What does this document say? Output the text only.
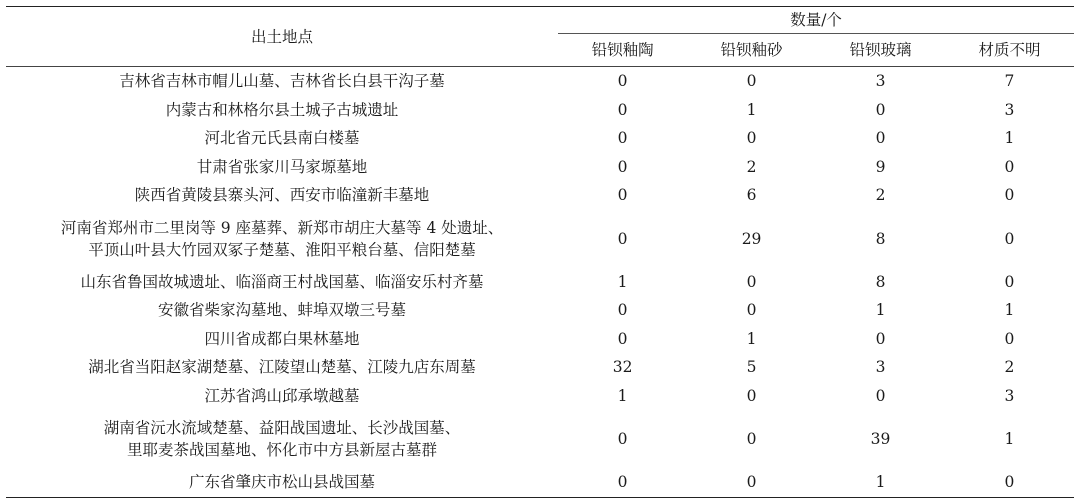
出土地点	数量/个			
	铅钡釉陶	铅钡釉砂	铅钡玻璃	材质不明

吉林省吉林市帽儿山墓、吉林省长白县干沟子墓	0	0	3	7

内蒙古和林格尔县土城子古城遗址	0	1	0	3

河北省元氏县南白楼墓	0	0	0	1

甘肃省张家川马家塬墓地	0	2	9	0

陕西省黄陵县寨头河、西安市临潼新丰墓地	0	6	2	0

河南省郑州市二里岗等 9 座墓葬、新郑市胡庄大墓等 4 处遗址、
平顶山叶县大竹园双冢子楚墓、淮阳平粮台墓、信阳楚墓	0	29	8	0

山东省鲁国故城遗址、临淄商王村战国墓、临淄安乐村齐墓	1	0	8	0

安徽省柴家沟墓地、蚌埠双墩三号墓	0	0	1	1

四川省成都白果林墓地	0	1	0	0

湖北省当阳赵家湖楚墓、江陵望山楚墓、江陵九店东周墓	32	5	3	2

江苏省鸿山邱承墩越墓	1	0	0	3

湖南省沅水流域楚墓、益阳战国遗址、长沙战国墓、
里耶麦茶战国墓地、怀化市中方县新屋古墓群	0	0	39	1

广东省肇庆市松山县战国墓	0	0	1	0
